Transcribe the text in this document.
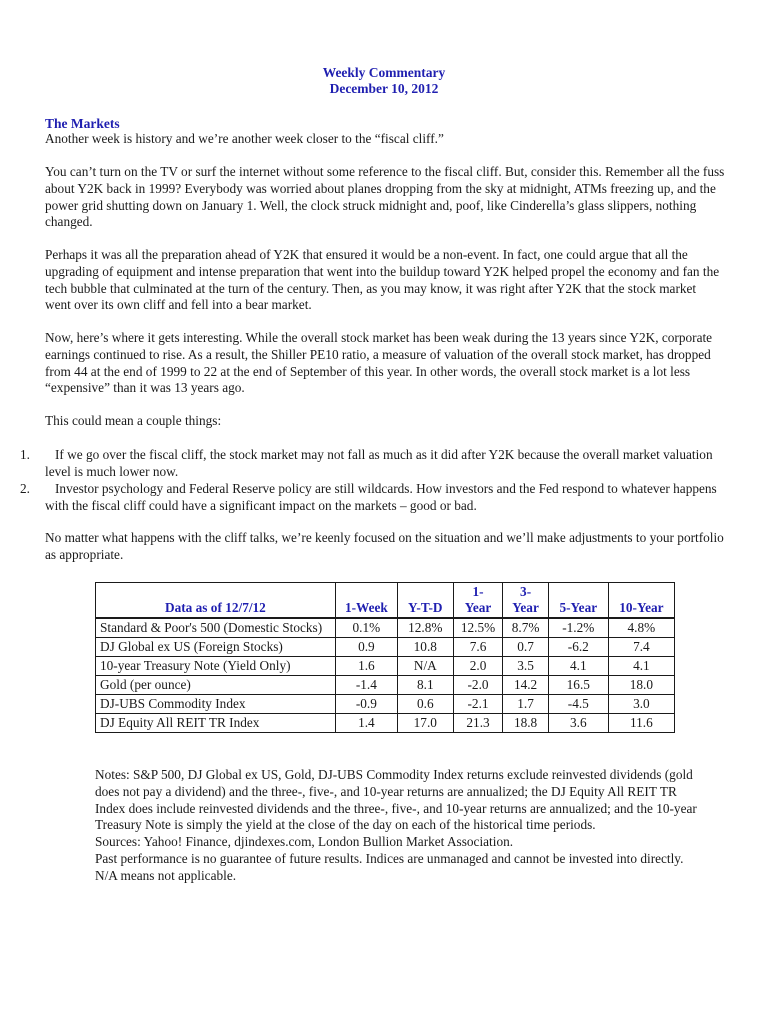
Weekly Commentary
December 10, 2012
The Markets

Another week is history and we’re another week closer to the “fiscal cliff.”

You can’t turn on the TV or surf the internet without some reference to the fiscal cliff. But, consider this. Remember all the fuss about Y2K back in 1999? Everybody was worried about planes dropping from the sky at midnight, ATMs freezing up, and the power grid shutting down on January 1. Well, the clock struck midnight and, poof, like Cinderella’s glass slippers, nothing changed.

Perhaps it was all the preparation ahead of Y2K that ensured it would be a non-event. In fact, one could argue that all the upgrading of equipment and intense preparation that went into the buildup toward Y2K helped propel the economy and fan the tech bubble that culminated at the turn of the century. Then, as you may know, it was right after Y2K that the stock market went over its own cliff and fell into a bear market.

Now, here’s where it gets interesting. While the overall stock market has been weak during the 13 years since Y2K, corporate earnings continued to rise. As a result, the Shiller PE10 ratio, a measure of valuation of the overall stock market, has dropped from 44 at the end of 1999 to 22 at the end of September of this year. In other words, the overall stock market is a lot less “expensive” than it was 13 years ago.

This could mean a couple things:

1.	If we go over the fiscal cliff, the stock market may not fall as much as it did after Y2K because the overall market valuation level is much lower now.
2.	Investor psychology and Federal Reserve policy are still wildcards. How investors and the Fed respond to whatever happens with the fiscal cliff could have a significant impact on the markets – good or bad.

No matter what happens with the cliff talks, we’re keenly focused on the situation and we’ll make adjustments to your portfolio as appropriate.

Data as of 12/7/12	1-Week	Y-T-D	1-
Year	3-
Year	5-Year	10-Year
Standard & Poor's 500 (Domestic Stocks)	0.1%	12.8%	12.5%	8.7%	-1.2%	4.8%
DJ Global ex US (Foreign Stocks)	0.9	10.8	7.6	0.7	-6.2	7.4
10-year Treasury Note (Yield Only)	1.6	N/A	2.0	3.5	4.1	4.1
Gold (per ounce)	-1.4	8.1	-2.0	14.2	16.5	18.0
DJ-UBS Commodity Index	-0.9	0.6	-2.1	1.7	-4.5	3.0
DJ Equity All REIT TR Index	1.4	17.0	21.3	18.8	3.6	11.6

Notes: S&P 500, DJ Global ex US, Gold, DJ-UBS Commodity Index returns exclude reinvested dividends (gold does not pay a dividend) and the three-, five-, and 10-year returns are annualized; the DJ Equity All REIT TR Index does include reinvested dividends and the three-, five-, and 10-year returns are annualized; and the 10-year Treasury Note is simply the yield at the close of the day on each of the historical time periods.

Sources: Yahoo! Finance, djindexes.com, London Bullion Market Association.

Past performance is no guarantee of future results. Indices are unmanaged and cannot be invested into directly. N/A means not applicable.
